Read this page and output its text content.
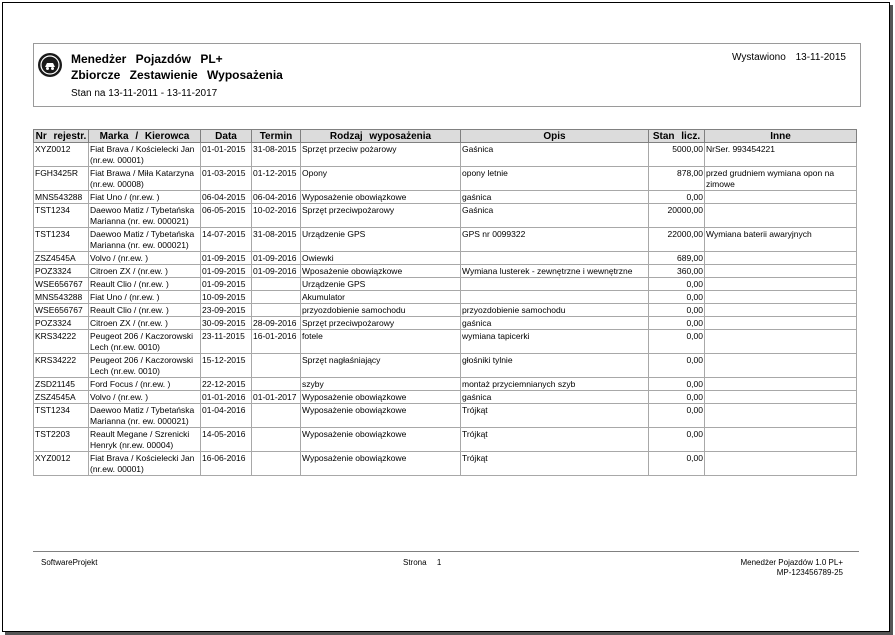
Menedżer Pojazdów PL+
Zbiorcze Zestawienie Wyposażenia
Stan na 13-11-2011 - 13-11-2017
Wystawiono 13-11-2015
Nr rejestr.	Marka / Kierowca	Data	Termin	Rodzaj wyposażenia	Opis	Stan licz.	Inne
XYZ0012	Fiat Brava / Kościelecki Jan (nr.ew. 00001)	01-01-2015	31-08-2015	Sprzęt przeciw pożarowy	Gaśnica	5000,00	NrSer. 993454221
FGH3425R	Fiat Brawa / Miła Katarzyna (nr.ew. 00008)	01-03-2015	01-12-2015	Opony	opony letnie	878,00	przed grudniem wymiana opon na zimowe
MNS543288	Fiat Uno / (nr.ew. )	06-04-2015	06-04-2016	Wyposażenie obowiązkowe	gaśnica	0,00	
TST1234	Daewoo Matiz / Tybetańska Marianna (nr. ew. 000021)	06-05-2015	10-02-2016	Sprzęt przeciwpożarowy	Gaśnica	20000,00	
TST1234	Daewoo Matiz / Tybetańska Marianna (nr. ew. 000021)	14-07-2015	31-08-2015	Urządzenie GPS	GPS nr 0099322	22000,00	Wymiana baterii awaryjnych
ZSZ4545A	Volvo / (nr.ew. )	01-09-2015	01-09-2016	Owiewki		689,00	
POZ3324	Citroen ZX / (nr.ew. )	01-09-2015	01-09-2016	Wposażenie obowiązkowe	Wymiana lusterek - zewnętrzne i wewnętrzne	360,00	
WSE656767	Reault Clio / (nr.ew. )	01-09-2015		Urządzenie GPS		0,00	
MNS543288	Fiat Uno / (nr.ew. )	10-09-2015		Akumulator		0,00	
WSE656767	Reault Clio / (nr.ew. )	23-09-2015		przyozdobienie samochodu	przyozdobienie samochodu	0,00	
POZ3324	Citroen ZX / (nr.ew. )	30-09-2015	28-09-2016	Sprzęt przeciwpożarowy	gaśnica	0,00	
KRS34222	Peugeot 206 / Kaczorowski Lech (nr.ew. 0010)	23-11-2015	16-01-2016	fotele	wymiana tapicerki	0,00	
KRS34222	Peugeot 206 / Kaczorowski Lech (nr.ew. 0010)	15-12-2015		Sprzęt nagłaśniający	głośniki tylnie	0,00	
ZSD21145	Ford Focus / (nr.ew. )	22-12-2015		szyby	montaż przyciemnianych szyb	0,00	
ZSZ4545A	Volvo / (nr.ew. )	01-01-2016	01-01-2017	Wyposażenie obowiązkowe	gaśnica	0,00	
TST1234	Daewoo Matiz / Tybetańska Marianna (nr. ew. 000021)	01-04-2016		Wyposażenie obowiązkowe	Trójkąt	0,00	
TST2203	Reault Megane / Szrenicki Henryk (nr.ew. 00004)	14-05-2016		Wyposażenie obowiązkowe	Trójkąt	0,00	
XYZ0012	Fiat Brava / Kościelecki Jan (nr.ew. 00001)	16-06-2016		Wyposażenie obowiązkowe	Trójkąt	0,00	
SoftwareProjekt	Strona 1	Menedżer Pojazdów 1.0 PL+
MP-123456789-25
